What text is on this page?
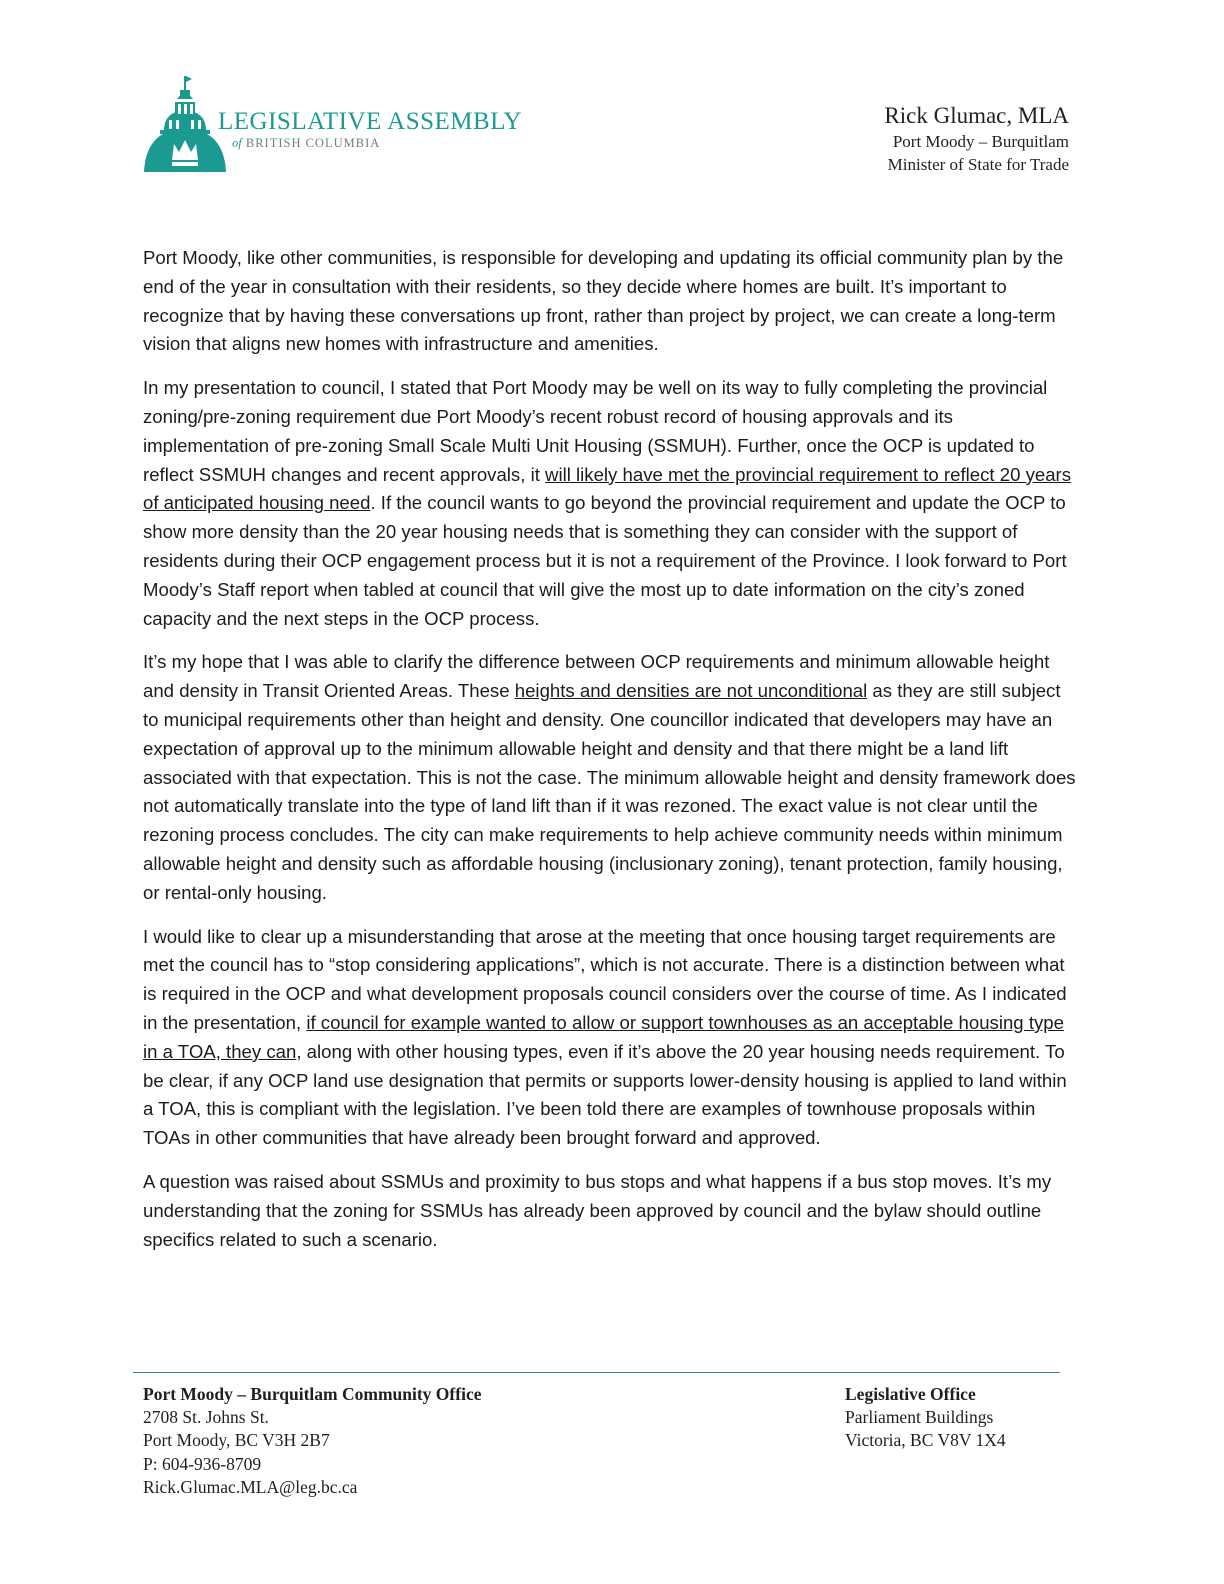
LEGISLATIVE ASSEMBLY
of BRITISH COLUMBIA
Rick Glumac, MLA
Port Moody – Burquitlam
Minister of State for Trade

Port Moody, like other communities, is responsible for developing and updating its official community plan by the end of the year in consultation with their residents, so they decide where homes are built. It’s important to recognize that by having these conversations up front, rather than project by project, we can create a long-term vision that aligns new homes with infrastructure and amenities.

In my presentation to council, I stated that Port Moody may be well on its way to fully completing the provincial zoning/pre-zoning requirement due Port Moody’s recent robust record of housing approvals and its implementation of pre-zoning Small Scale Multi Unit Housing (SSMUH). Further, once the OCP is updated to reflect SSMUH changes and recent approvals, it will likely have met the provincial requirement to reflect 20 years of anticipated housing need. If the council wants to go beyond the provincial requirement and update the OCP to show more density than the 20 year housing needs that is something they can consider with the support of residents during their OCP engagement process but it is not a requirement of the Province. I look forward to Port Moody’s Staff report when tabled at council that will give the most up to date information on the city’s zoned capacity and the next steps in the OCP process.

It’s my hope that I was able to clarify the difference between OCP requirements and minimum allowable height and density in Transit Oriented Areas. These heights and densities are not unconditional as they are still subject to municipal requirements other than height and density. One councillor indicated that developers may have an expectation of approval up to the minimum allowable height and density and that there might be a land lift associated with that expectation. This is not the case. The minimum allowable height and density framework does not automatically translate into the type of land lift than if it was rezoned. The exact value is not clear until the rezoning process concludes. The city can make requirements to help achieve community needs within minimum allowable height and density such as affordable housing (inclusionary zoning), tenant protection, family housing, or rental-only housing.

I would like to clear up a misunderstanding that arose at the meeting that once housing target requirements are met the council has to “stop considering applications”, which is not accurate. There is a distinction between what is required in the OCP and what development proposals council considers over the course of time. As I indicated in the presentation, if council for example wanted to allow or support townhouses as an acceptable housing type in a TOA, they can, along with other housing types, even if it’s above the 20 year housing needs requirement. To be clear, if any OCP land use designation that permits or supports lower-density housing is applied to land within a TOA, this is compliant with the legislation. I’ve been told there are examples of townhouse proposals within TOAs in other communities that have already been brought forward and approved.

A question was raised about SSMUs and proximity to bus stops and what happens if a bus stop moves. It’s my understanding that the zoning for SSMUs has already been approved by council and the bylaw should outline specifics related to such a scenario.

Port Moody – Burquitlam Community Office
2708 St. Johns St.
Port Moody, BC V3H 2B7
P: 604-936-8709
Rick.Glumac.MLA@leg.bc.ca
Legislative Office
Parliament Buildings
Victoria, BC V8V 1X4
